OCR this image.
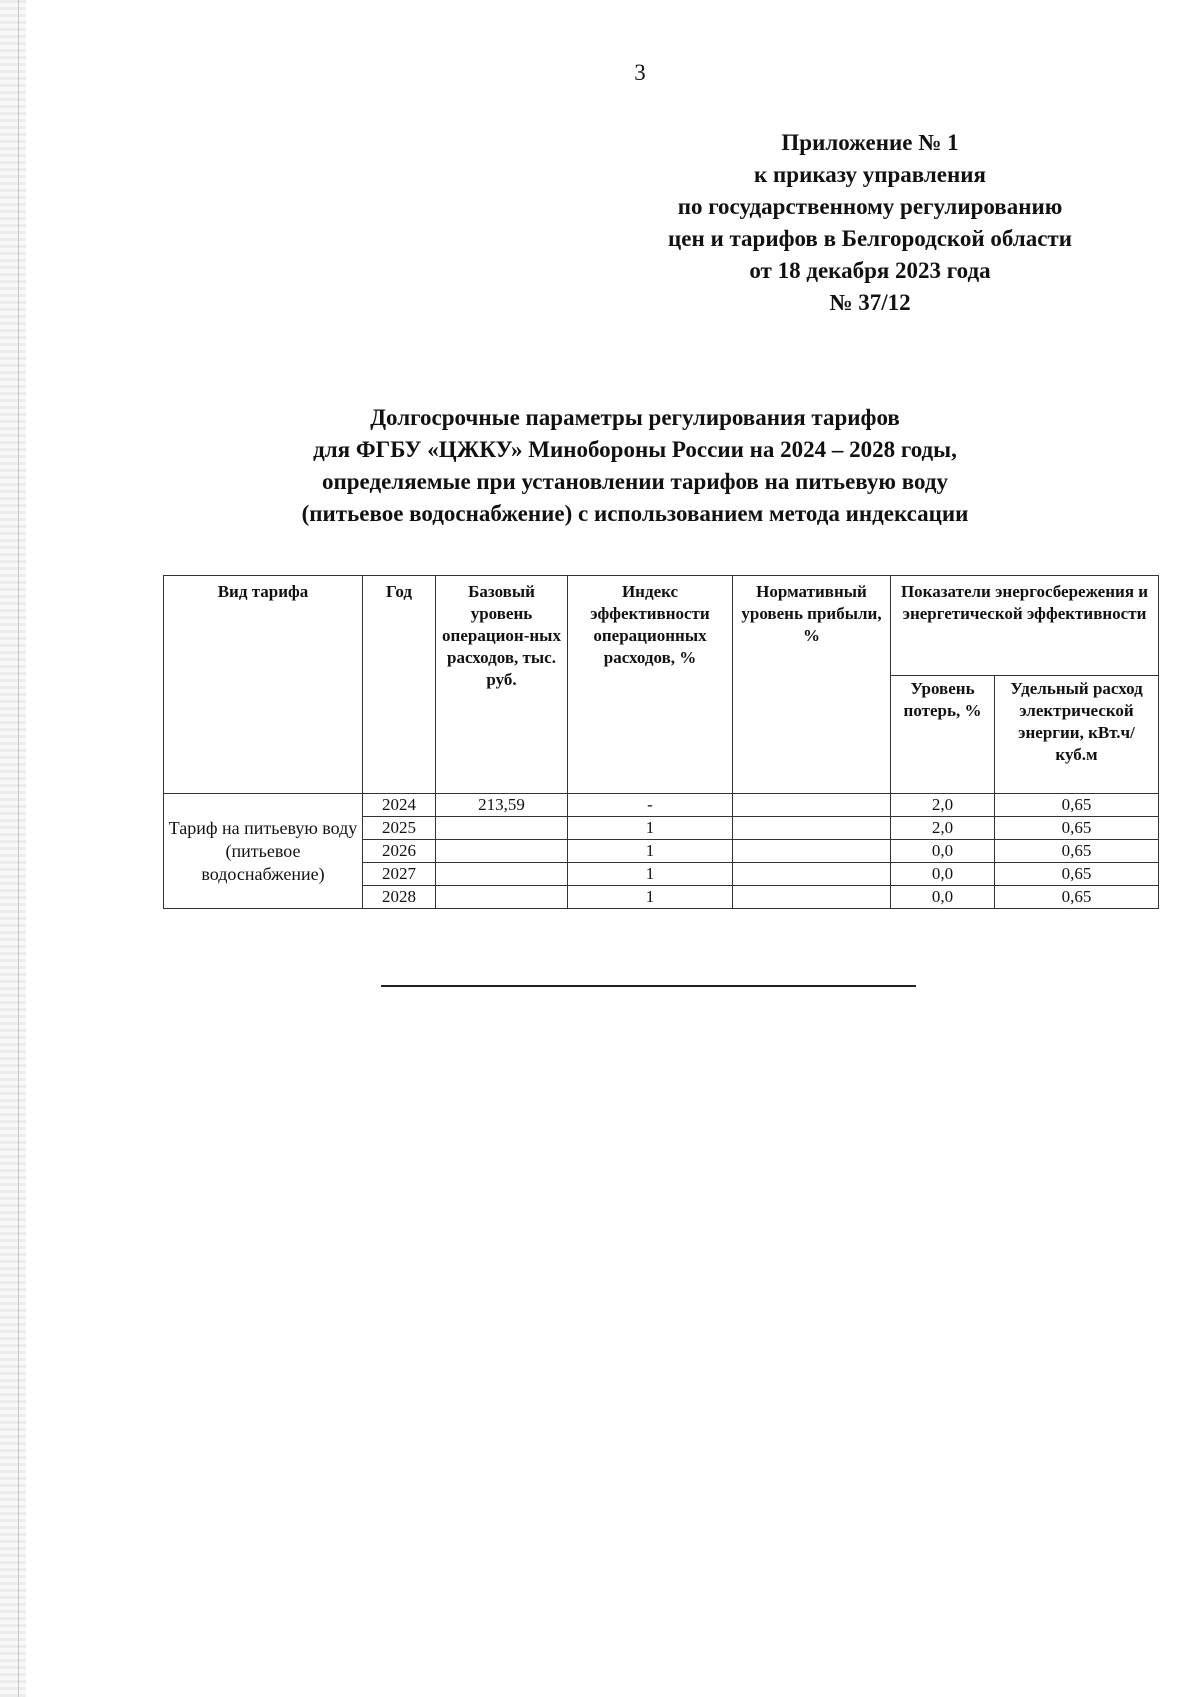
3
Приложение № 1
к приказу управления
по государственному регулированию
цен и тарифов в Белгородской области
от 18 декабря 2023 года
№ 37/12
Долгосрочные параметры регулирования тарифов
для ФГБУ «ЦЖКУ» Минобороны России на 2024 – 2028 годы,
определяемые при установлении тарифов на питьевую воду
(питьевое водоснабжение) с использованием метода индексации
Вид тарифа	Год	Базовый уровень операцион-ных расходов, тыс. руб.	Индекс эффективности операционных расходов, %	Нормативный уровень прибыли, %	Показатели энергосбережения и энергетической эффективности	
					Уровень потерь, %	Удельный расход электрической энергии, кВт.ч/куб.м
Тариф на питьевую воду (питьевое водоснабжение)	2024	213,59	-		2,0	0,65
	2025		1		2,0	0,65
	2026		1		0,0	0,65
	2027		1		0,0	0,65
	2028		1		0,0	0,65
